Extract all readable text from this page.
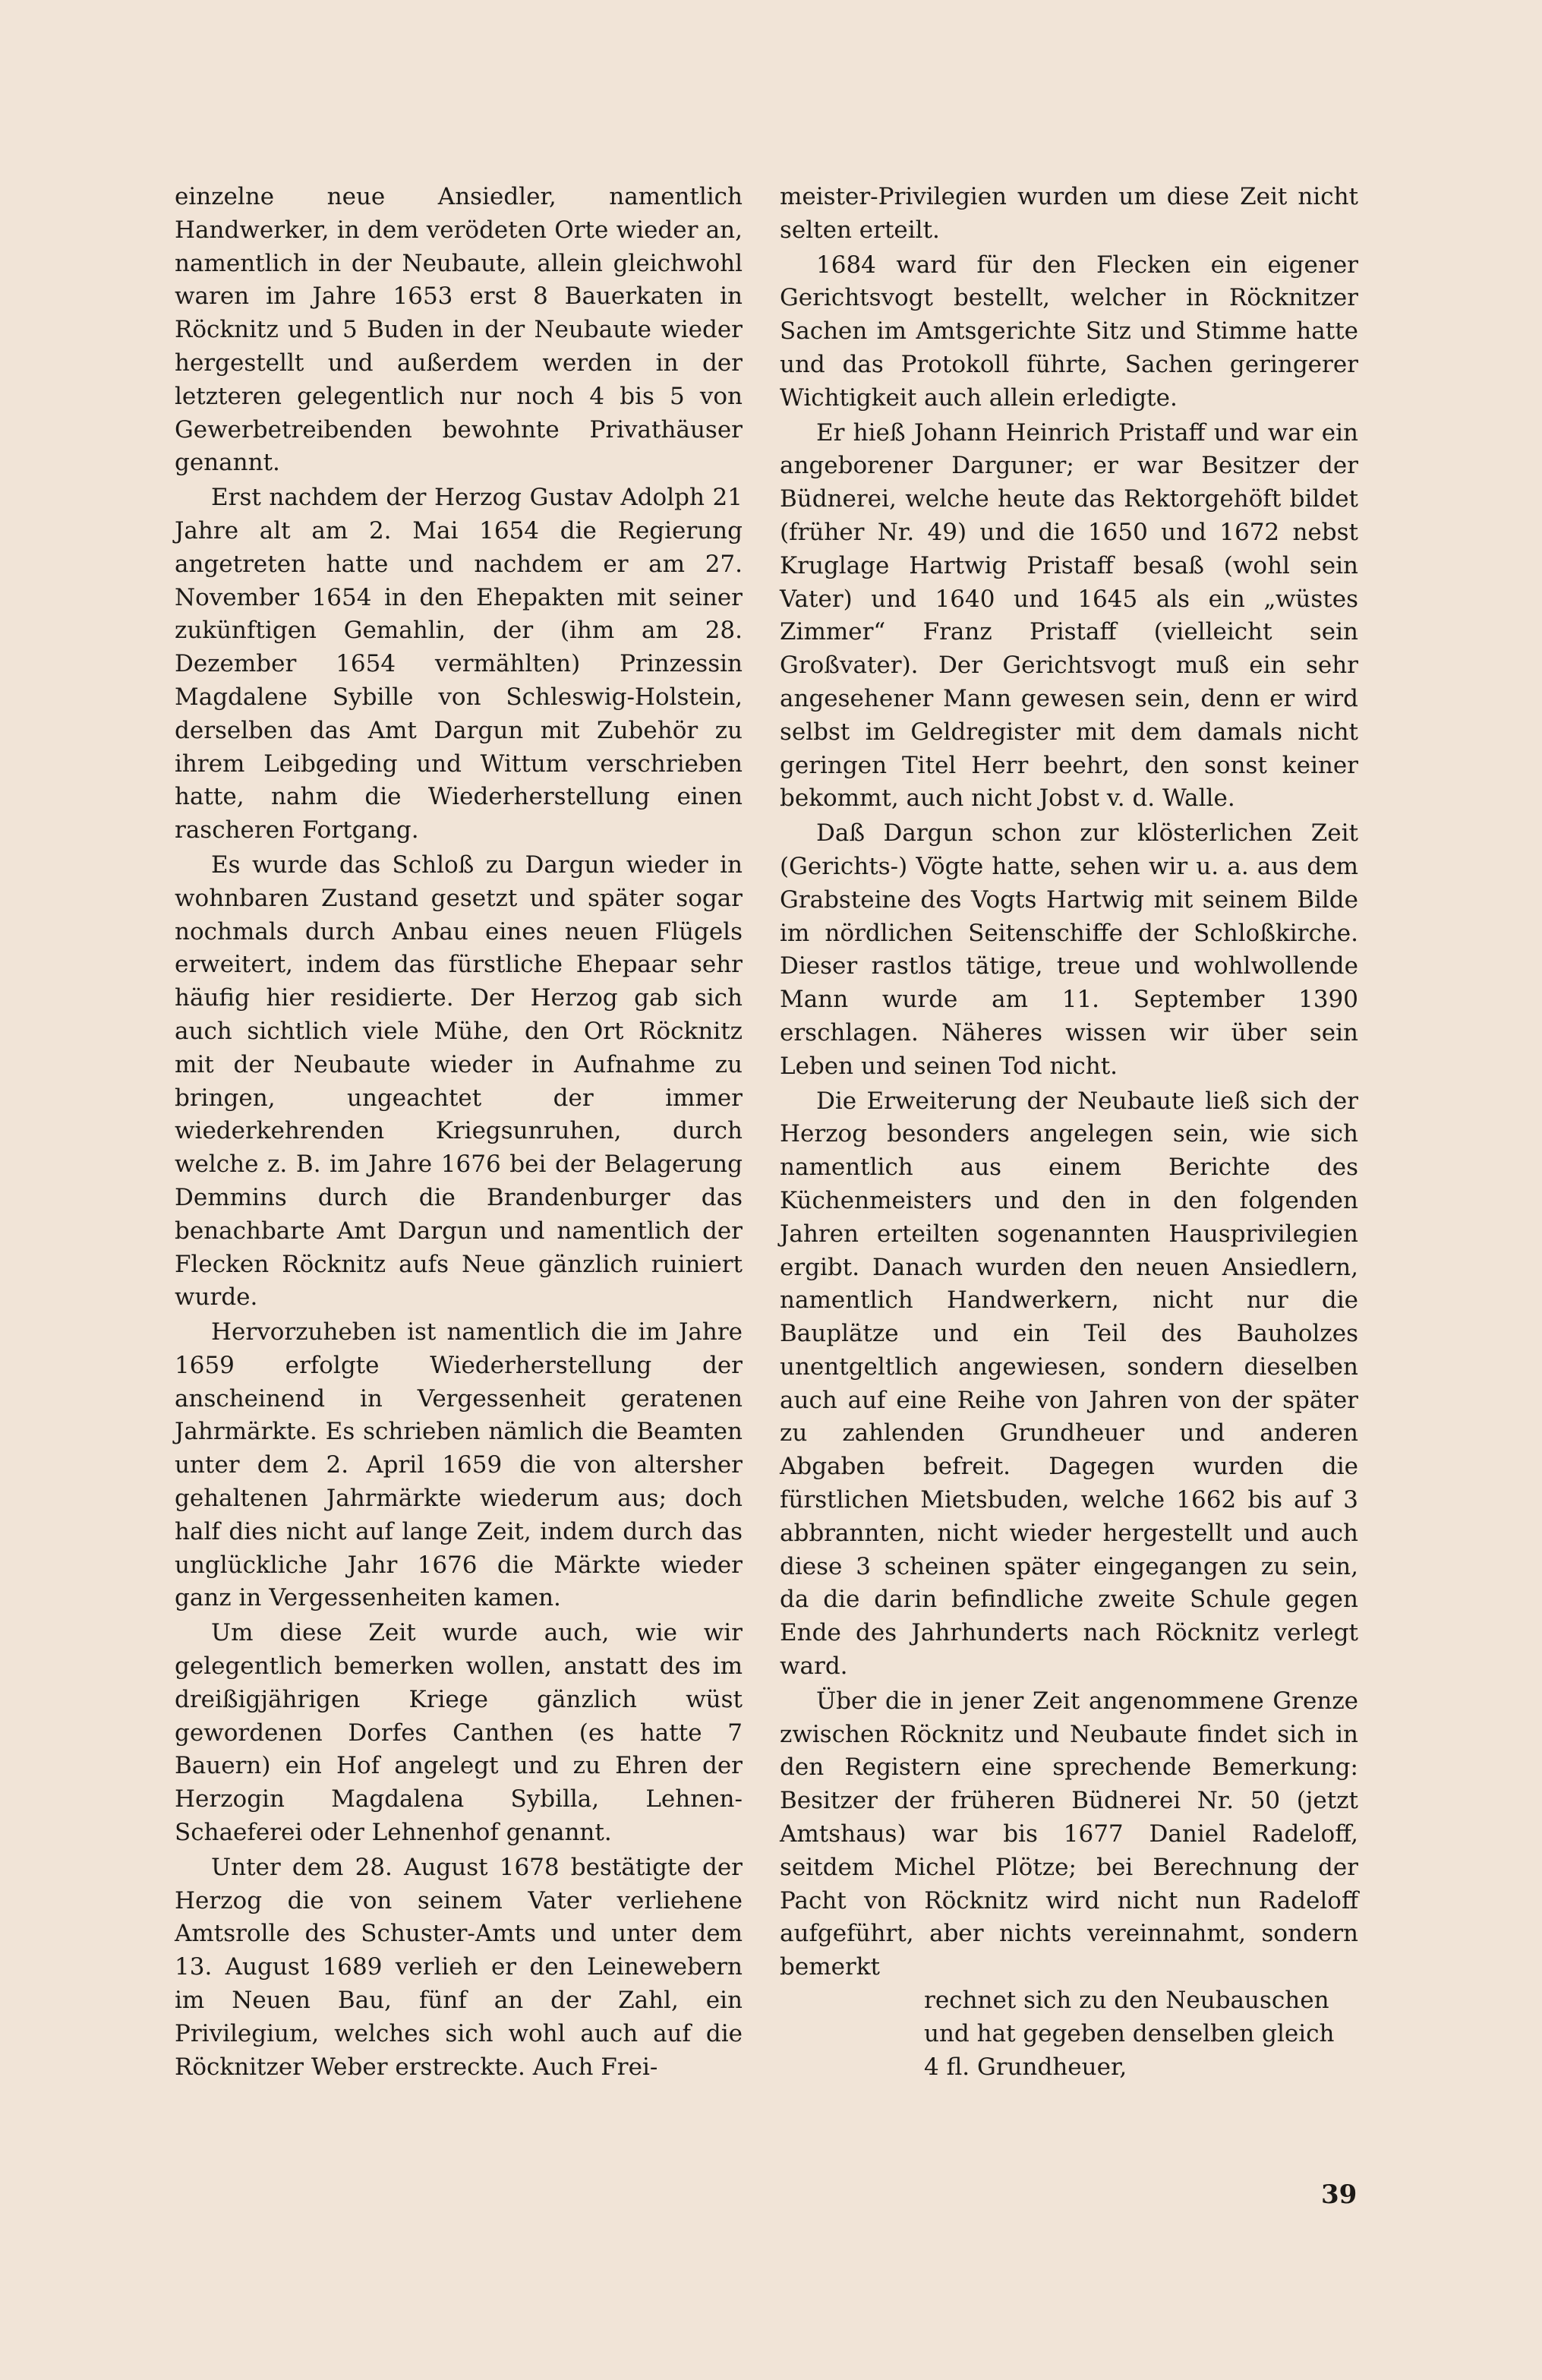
einzelne neue Ansiedler, namentlich Handwerker, in dem verödeten Orte wieder an, namentlich in der Neubaute, allein gleichwohl waren im Jahre 1653 erst 8 Bauerkaten in Röcknitz und 5 Buden in der Neubaute wieder hergestellt und außerdem werden in der letzteren gelegentlich nur noch 4 bis 5 von Gewerbetreibenden bewohnte Privathäuser genannt.

Erst nachdem der Herzog Gustav Adolph 21 Jahre alt am 2. Mai 1654 die Regierung angetreten hatte und nachdem er am 27. November 1654 in den Ehepakten mit seiner zukünftigen Gemahlin, der (ihm am 28. Dezember 1654 vermählten) Prinzessin Magdalene Sybille von Schleswig-Holstein, derselben das Amt Dargun mit Zubehör zu ihrem Leibgeding und Wittum verschrieben hatte, nahm die Wiederherstellung einen rascheren Fortgang.

Es wurde das Schloß zu Dargun wieder in wohnbaren Zustand gesetzt und später sogar nochmals durch Anbau eines neuen Flügels erweitert, indem das fürstliche Ehepaar sehr häufig hier residierte. Der Herzog gab sich auch sichtlich viele Mühe, den Ort Röcknitz mit der Neubaute wieder in Aufnahme zu bringen, ungeachtet der immer wiederkehrenden Kriegsunruhen, durch welche z. B. im Jahre 1676 bei der Belagerung Demmins durch die Brandenburger das benachbarte Amt Dargun und namentlich der Flecken Röcknitz aufs Neue gänzlich ruiniert wurde.

Hervorzuheben ist namentlich die im Jahre 1659 erfolgte Wiederherstellung der anscheinend in Vergessenheit geratenen Jahrmärkte. Es schrieben nämlich die Beamten unter dem 2. April 1659 die von altersher gehaltenen Jahrmärkte wiederum aus; doch half dies nicht auf lange Zeit, indem durch das unglückliche Jahr 1676 die Märkte wieder ganz in Vergessenheiten kamen.

Um diese Zeit wurde auch, wie wir gelegentlich bemerken wollen, anstatt des im dreißigjährigen Kriege gänzlich wüst gewordenen Dorfes Canthen (es hatte 7 Bauern) ein Hof angelegt und zu Ehren der Herzogin Magdalena Sybilla, Lehnen-Schaeferei oder Lehnenhof genannt.

Unter dem 28. August 1678 bestätigte der Herzog die von seinem Vater verliehene Amtsrolle des Schuster-Amts und unter dem 13. August 1689 verlieh er den Leinewebern im Neuen Bau, fünf an der Zahl, ein Privilegium, welches sich wohl auch auf die Röcknitzer Weber erstreckte. Auch Frei-

meister-Privilegien wurden um diese Zeit nicht selten erteilt.

1684 ward für den Flecken ein eigener Gerichtsvogt bestellt, welcher in Röcknitzer Sachen im Amtsgerichte Sitz und Stimme hatte und das Protokoll führte, Sachen geringerer Wichtigkeit auch allein erledigte.

Er hieß Johann Heinrich Pristaff und war ein angeborener Darguner; er war Besitzer der Büdnerei, welche heute das Rektorgehöft bildet (früher Nr. 49) und die 1650 und 1672 nebst Kruglage Hartwig Pristaff besaß (wohl sein Vater) und 1640 und 1645 als ein „wüstes Zimmer“ Franz Pristaff (vielleicht sein Großvater). Der Gerichtsvogt muß ein sehr angesehener Mann gewesen sein, denn er wird selbst im Geldregister mit dem damals nicht geringen Titel Herr beehrt, den sonst keiner bekommt, auch nicht Jobst v. d. Walle.

Daß Dargun schon zur klösterlichen Zeit (Gerichts-) Vögte hatte, sehen wir u. a. aus dem Grabsteine des Vogts Hartwig mit seinem Bilde im nördlichen Seitenschiffe der Schloßkirche. Dieser rastlos tätige, treue und wohlwollende Mann wurde am 11. September 1390 erschlagen. Näheres wissen wir über sein Leben und seinen Tod nicht.

Die Erweiterung der Neubaute ließ sich der Herzog besonders angelegen sein, wie sich namentlich aus einem Berichte des Küchenmeisters und den in den folgenden Jahren erteilten sogenannten Hausprivilegien ergibt. Danach wurden den neuen Ansiedlern, namentlich Handwerkern, nicht nur die Bauplätze und ein Teil des Bauholzes unentgeltlich angewiesen, sondern dieselben auch auf eine Reihe von Jahren von der später zu zahlenden Grundheuer und anderen Abgaben befreit. Dagegen wurden die fürstlichen Mietsbuden, welche 1662 bis auf 3 abbrannten, nicht wieder hergestellt und auch diese 3 scheinen später eingegangen zu sein, da die darin befindliche zweite Schule gegen Ende des Jahrhunderts nach Röcknitz verlegt ward.

Über die in jener Zeit angenommene Grenze zwischen Röcknitz und Neubaute findet sich in den Registern eine sprechende Bemerkung: Besitzer der früheren Büdnerei Nr. 50 (jetzt Amtshaus) war bis 1677 Daniel Radeloff, seitdem Michel Plötze; bei Berechnung der Pacht von Röcknitz wird nicht nun Radeloff aufgeführt, aber nichts vereinnahmt, sondern bemerkt

rechnet sich zu den Neubauschen
und hat gegeben denselben gleich
4 fl. Grundheuer,

39
